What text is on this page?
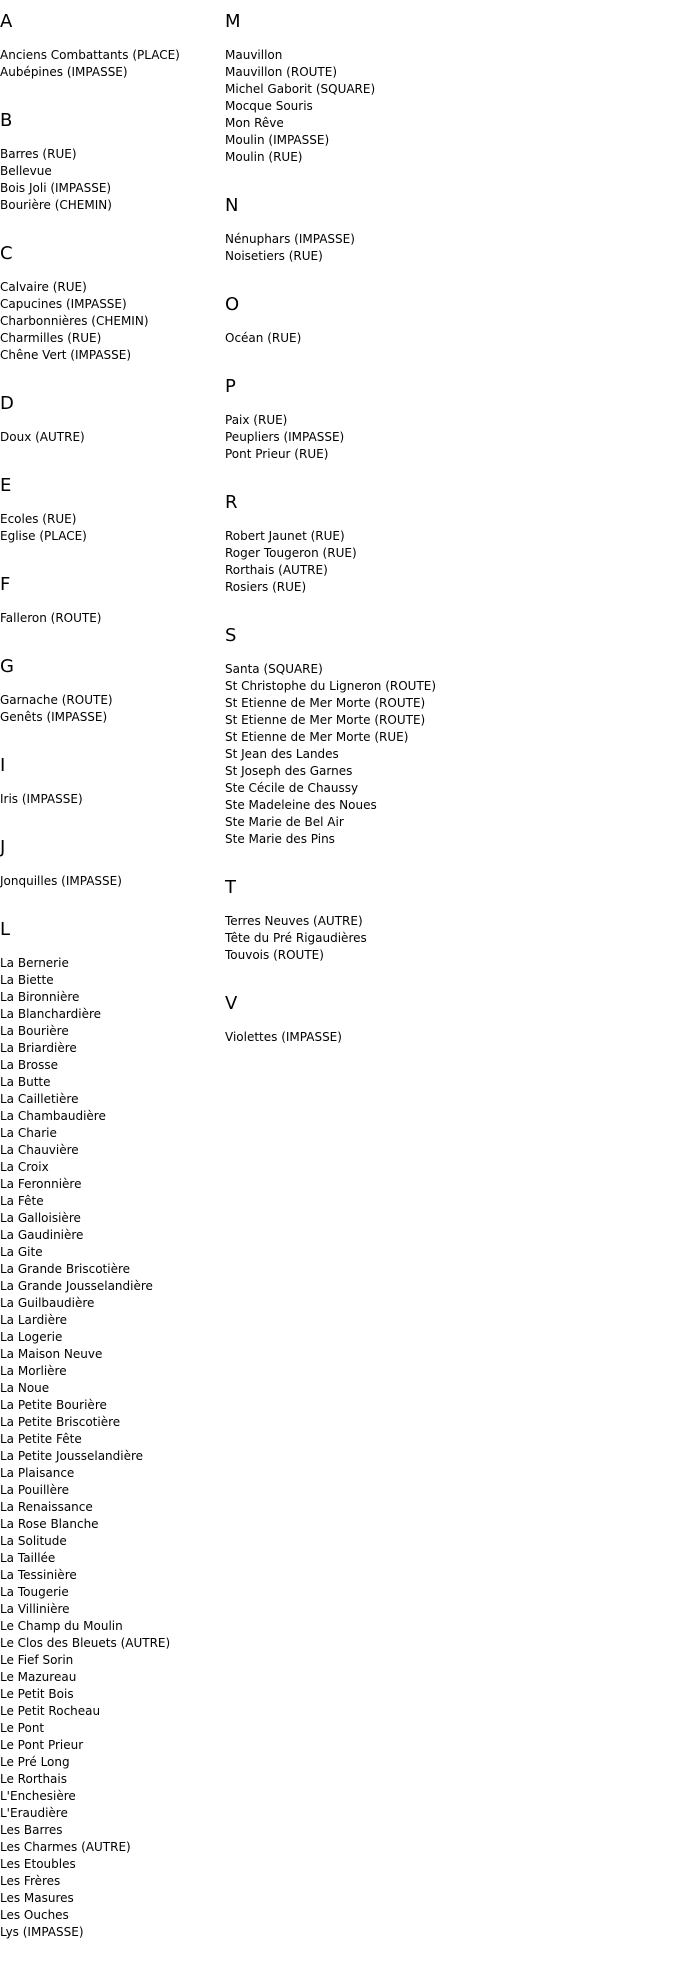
A
Anciens Combattants (PLACE)
Aubépines (IMPASSE)
B
Barres (RUE)
Bellevue
Bois Joli (IMPASSE)
Bourière (CHEMIN)
C
Calvaire (RUE)
Capucines (IMPASSE)
Charbonnières (CHEMIN)
Charmilles (RUE)
Chêne Vert (IMPASSE)
D
Doux (AUTRE)
E
Ecoles (RUE)
Eglise (PLACE)
F
Falleron (ROUTE)
G
Garnache (ROUTE)
Genêts (IMPASSE)
I
Iris (IMPASSE)
J
Jonquilles (IMPASSE)
L
La Bernerie
La Biette
La Bironnière
La Blanchardière
La Bourière
La Briardière
La Brosse
La Butte
La Cailletière
La Chambaudière
La Charie
La Chauvière
La Croix
La Feronnière
La Fête
La Galloisière
La Gaudinière
La Gite
La Grande Briscotière
La Grande Jousselandière
La Guilbaudière
La Lardière
La Logerie
La Maison Neuve
La Morlière
La Noue
La Petite Bourière
La Petite Briscotière
La Petite Fête
La Petite Jousselandière
La Plaisance
La Pouillère
La Renaissance
La Rose Blanche
La Solitude
La Taillée
La Tessinière
La Tougerie
La Villinière
Le Champ du Moulin
Le Clos des Bleuets (AUTRE)
Le Fief Sorin
Le Mazureau
Le Petit Bois
Le Petit Rocheau
Le Pont
Le Pont Prieur
Le Pré Long
Le Rorthais
L'Enchesière
L'Eraudière
Les Barres
Les Charmes (AUTRE)
Les Etoubles
Les Frères
Les Masures
Les Ouches
Lys (IMPASSE)
M
Mauvillon
Mauvillon (ROUTE)
Michel Gaborit (SQUARE)
Mocque Souris
Mon Rêve
Moulin (IMPASSE)
Moulin (RUE)
N
Nénuphars (IMPASSE)
Noisetiers (RUE)
O
Océan (RUE)
P
Paix (RUE)
Peupliers (IMPASSE)
Pont Prieur (RUE)
R
Robert Jaunet (RUE)
Roger Tougeron (RUE)
Rorthais (AUTRE)
Rosiers (RUE)
S
Santa (SQUARE)
St Christophe du Ligneron (ROUTE)
St Etienne de Mer Morte (ROUTE)
St Etienne de Mer Morte (ROUTE)
St Etienne de Mer Morte (RUE)
St Jean des Landes
St Joseph des Garnes
Ste Cécile de Chaussy
Ste Madeleine des Noues
Ste Marie de Bel Air
Ste Marie des Pins
T
Terres Neuves (AUTRE)
Tête du Pré Rigaudières
Touvois (ROUTE)
V
Violettes (IMPASSE)
